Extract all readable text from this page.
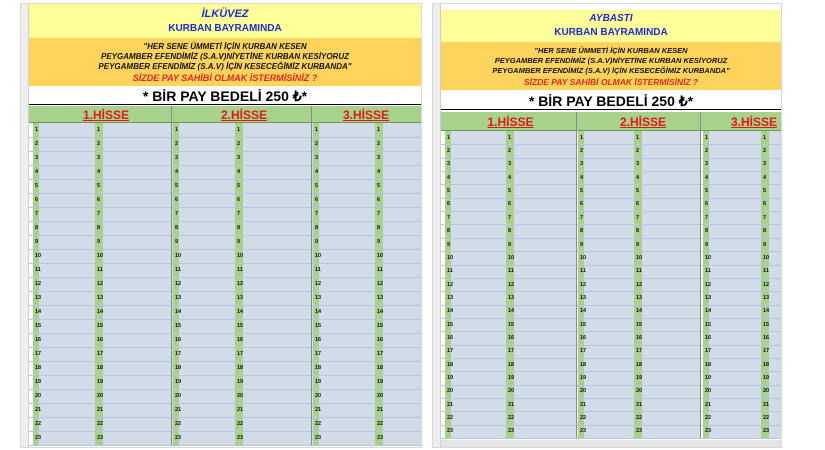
İLKÜVEZ
KURBAN BAYRAMINDA
"HER SENE ÜMMETİ İÇİN KURBAN KESEN
PEYGAMBER EFENDİMİZ (S.A.V)NİYETİNE KURBAN KESİYORUZ
PEYGAMBER EFENDİMİZ (S.A.V) İÇİN KESECEĞİMİZ KURBANDA"
SİZDE PAY SAHİBİ OLMAK İSTERMİSİNİZ ?
* BİR PAY BEDELİ 250 ₺*
1.HİSSE	2.HİSSE	3.HİSSE
1	1	1	1	1	1
2	2	2	2	2	2
3	3	3	3	3	3
4	4	4	4	4	4
5	5	5	5	5	5
6	6	6	6	6	6
7	7	7	7	7	7
8	8	8	8	8	8
9	9	9	9	9	9
10	10	10	10	10	10
11	11	11	11	11	11
12	12	12	12	12	12
13	13	13	13	13	13
14	14	14	14	14	14
15	15	15	15	15	15
16	16	16	16	16	16
17	17	17	17	17	17
18	18	18	18	18	18
19	19	19	19	19	19
20	20	20	20	20	20
21	21	21	21	21	21
22	22	22	22	22	22
23	23	23	23	23	23
AYBASTI
KURBAN BAYRAMINDA
"HER SENE ÜMMETİ İÇİN KURBAN KESEN
PEYGAMBER EFENDİMİZ (S.A.V)NİYETİNE KURBAN KESİYORUZ
PEYGAMBER EFENDİMİZ (S.A.V) İÇİN KESECEĞİMİZ KURBANDA"
SİZDE PAY SAHİBİ OLMAK İSTERMİSİNİZ ?
* BİR PAY BEDELİ 250 ₺*
1.HİSSE	2.HİSSE	3.HİSSE
1	1	1	1	1	1
2	2	2	2	2	2
3	3	3	3	3	3
4	4	4	4	4	4
5	5	5	5	5	5
6	6	6	6	6	6
7	7	7	7	7	7
8	8	8	8	8	8
9	9	9	9	9	9
10	10	10	10	10	10
11	11	11	11	11	11
12	12	12	12	12	12
13	13	13	13	13	13
14	14	14	14	14	14
15	15	15	15	15	15
16	16	16	16	16	16
17	17	17	17	17	17
18	18	18	18	18	18
19	19	19	19	19	19
20	20	20	20	20	20
21	21	21	21	21	21
22	22	22	22	22	22
23	23	23	23	23	23
